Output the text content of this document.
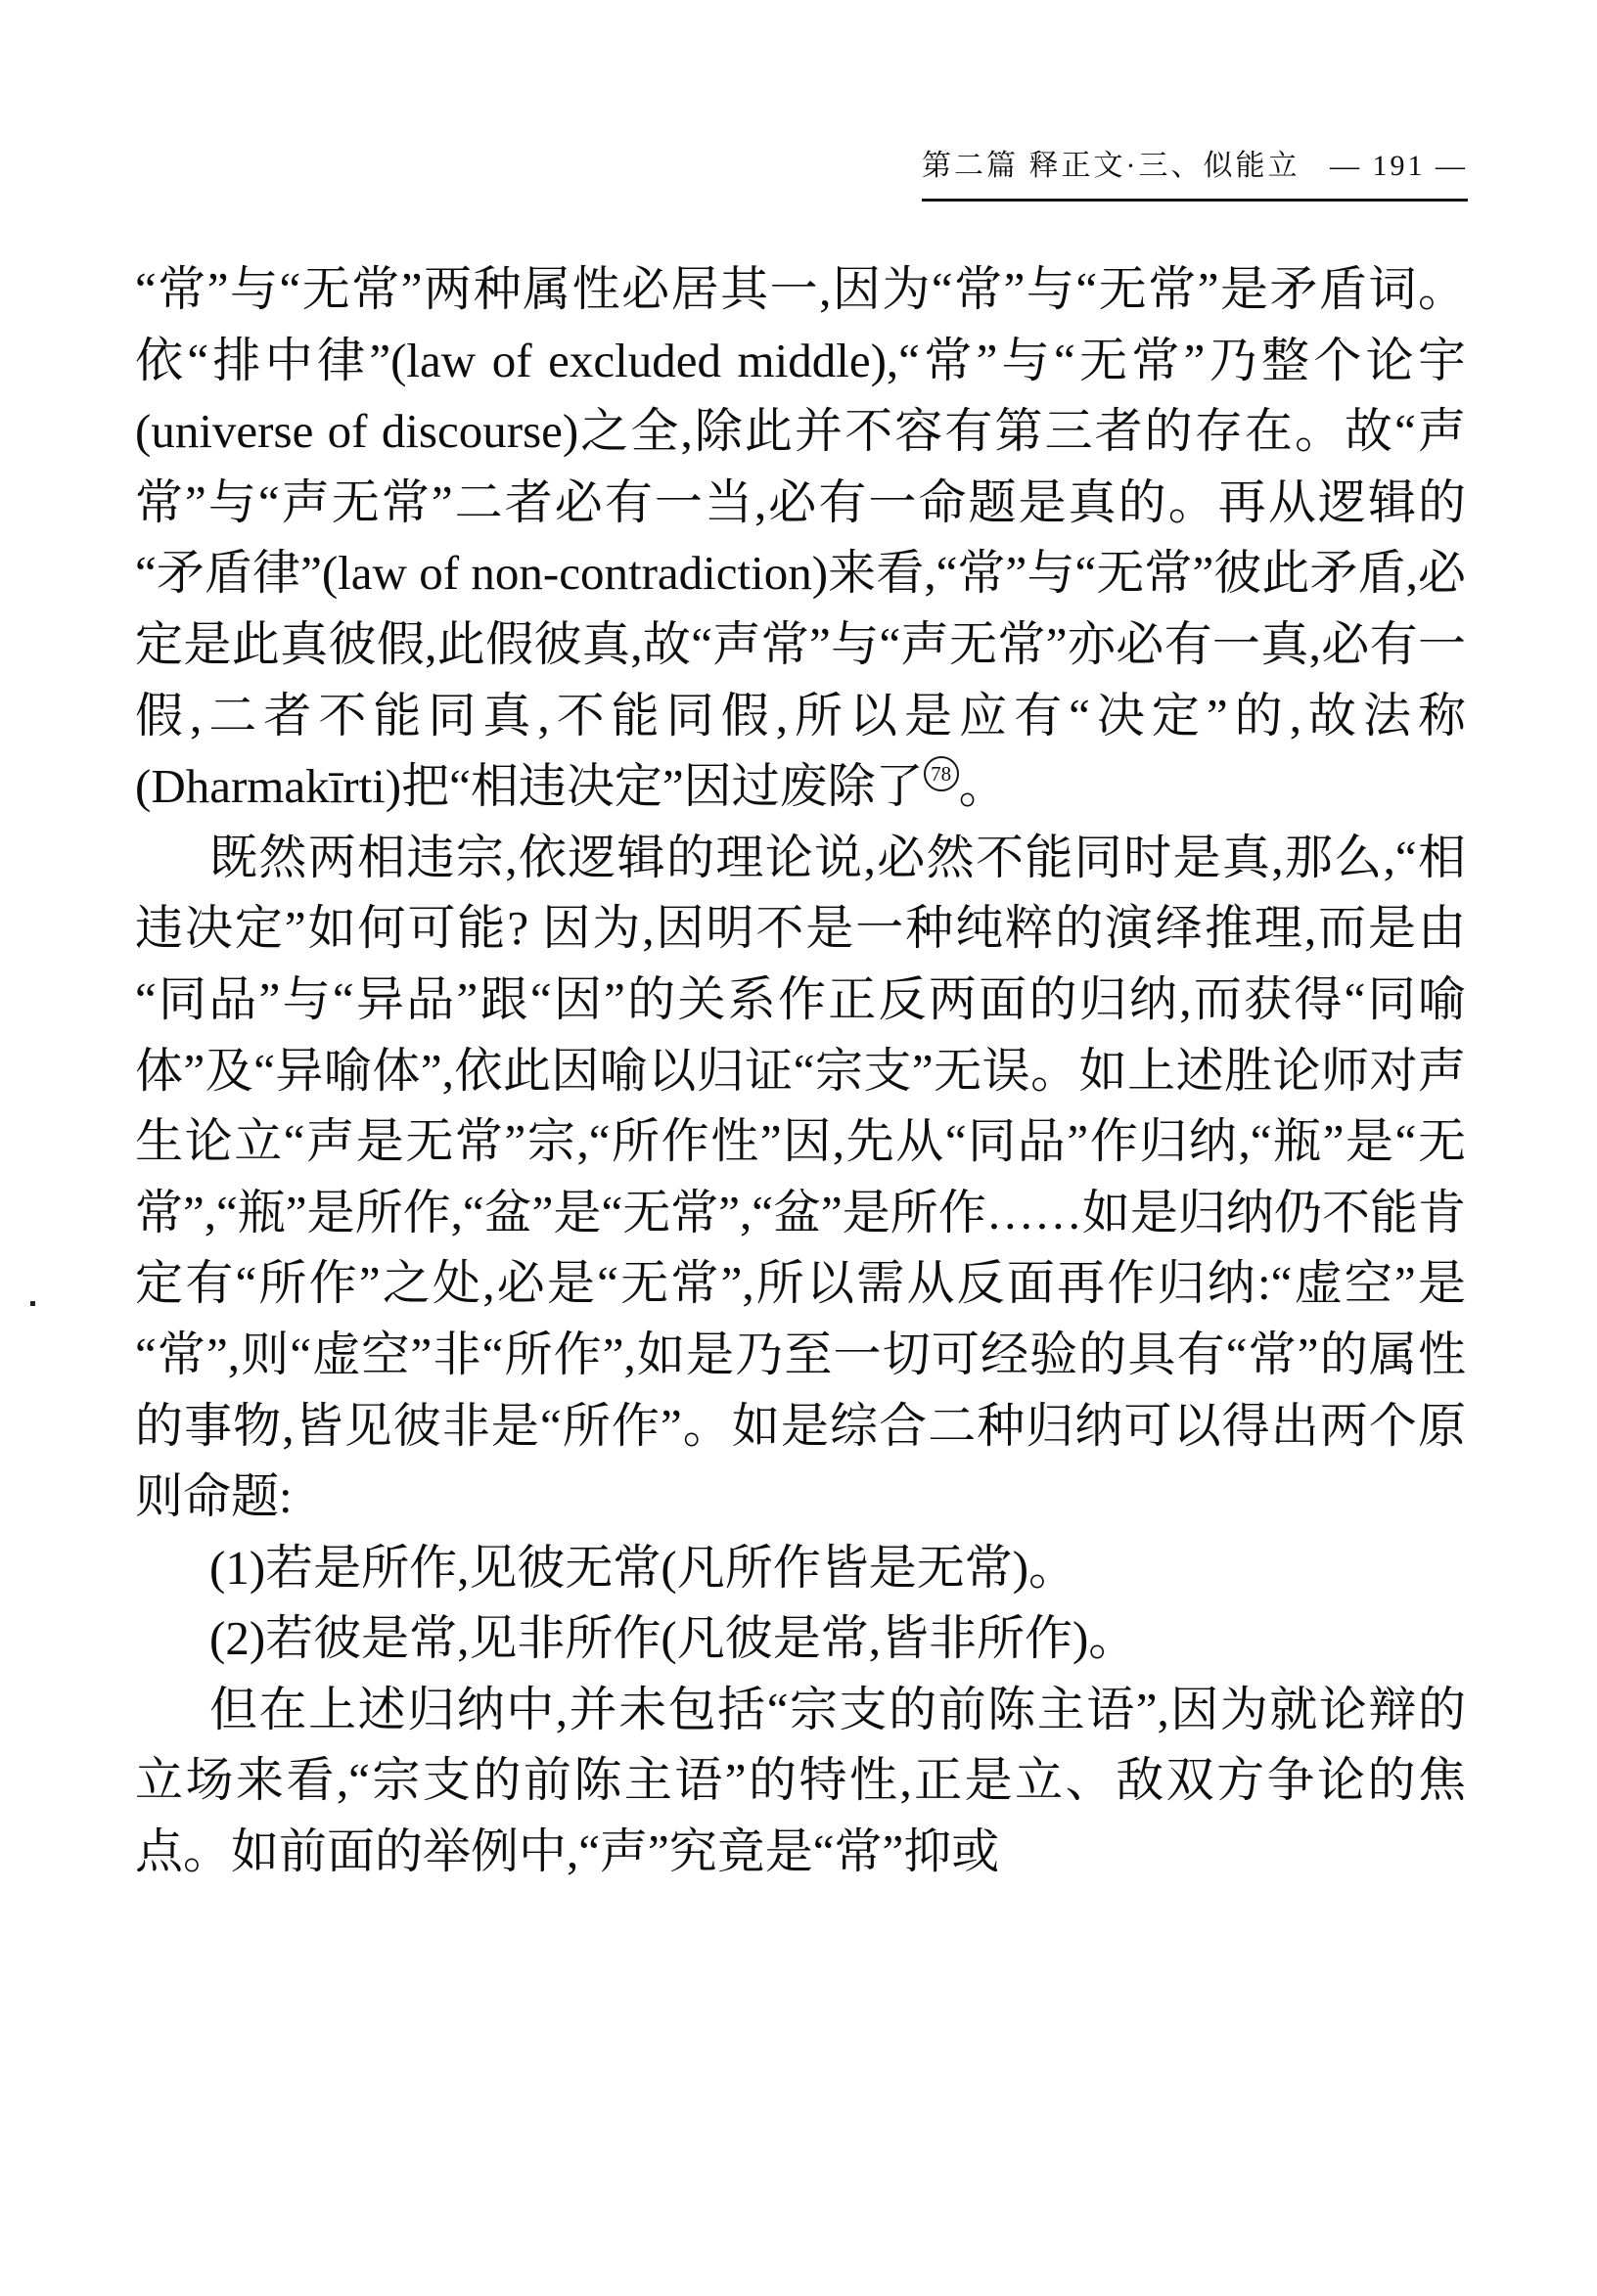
第二篇 释正文·三、似能立 — 191 —

“常”与“无常”两种属性必居其一,因为“常”与“无常”是矛盾词。依“排中律”(law of excluded middle),“常”与“无常”乃整个论宇(universe of discourse)之全,除此并不容有第三者的存在。故“声常”与“声无常”二者必有一当,必有一命题是真的。再从逻辑的“矛盾律”(law of non-contradiction)来看,“常”与“无常”彼此矛盾,必定是此真彼假,此假彼真,故“声常”与“声无常”亦必有一真,必有一假,二者不能同真,不能同假,所以是应有“决定”的,故法称(Dharmakīrti)把“相违决定”因过废除了 $^{78}$ 。

既然两相违宗,依逻辑的理论说,必然不能同时是真,那么,“相违决定”如何可能? 因为,因明不是一种纯粹的演绎推理,而是由“同品”与“异品”跟“因”的关系作正反两面的归纳,而获得“同喻体”及“异喻体”,依此因喻以归证“宗支”无误。如上述胜论师对声生论立“声是无常”宗,“所作性”因,先从“同品”作归纳,“瓶”是“无常”,“瓶”是所作,“盆”是“无常”,“盆”是所作……如是归纳仍不能肯定有“所作”之处,必是“无常”,所以需从反面再作归纳:“虚空”是“常”,则“虚空”非“所作”,如是乃至一切可经验的具有“常”的属性的事物,皆见彼非是“所作”。如是综合二种归纳可以得出两个原则命题:

(1)若是所作,见彼无常(凡所作皆是无常)。

(2)若彼是常,见非所作(凡彼是常,皆非所作)。

但在上述归纳中,并未包括“宗支的前陈主语”,因为就论辩的立场来看,“宗支的前陈主语”的特性,正是立、敌双方争论的焦点。如前面的举例中,“声”究竟是“常”抑或
